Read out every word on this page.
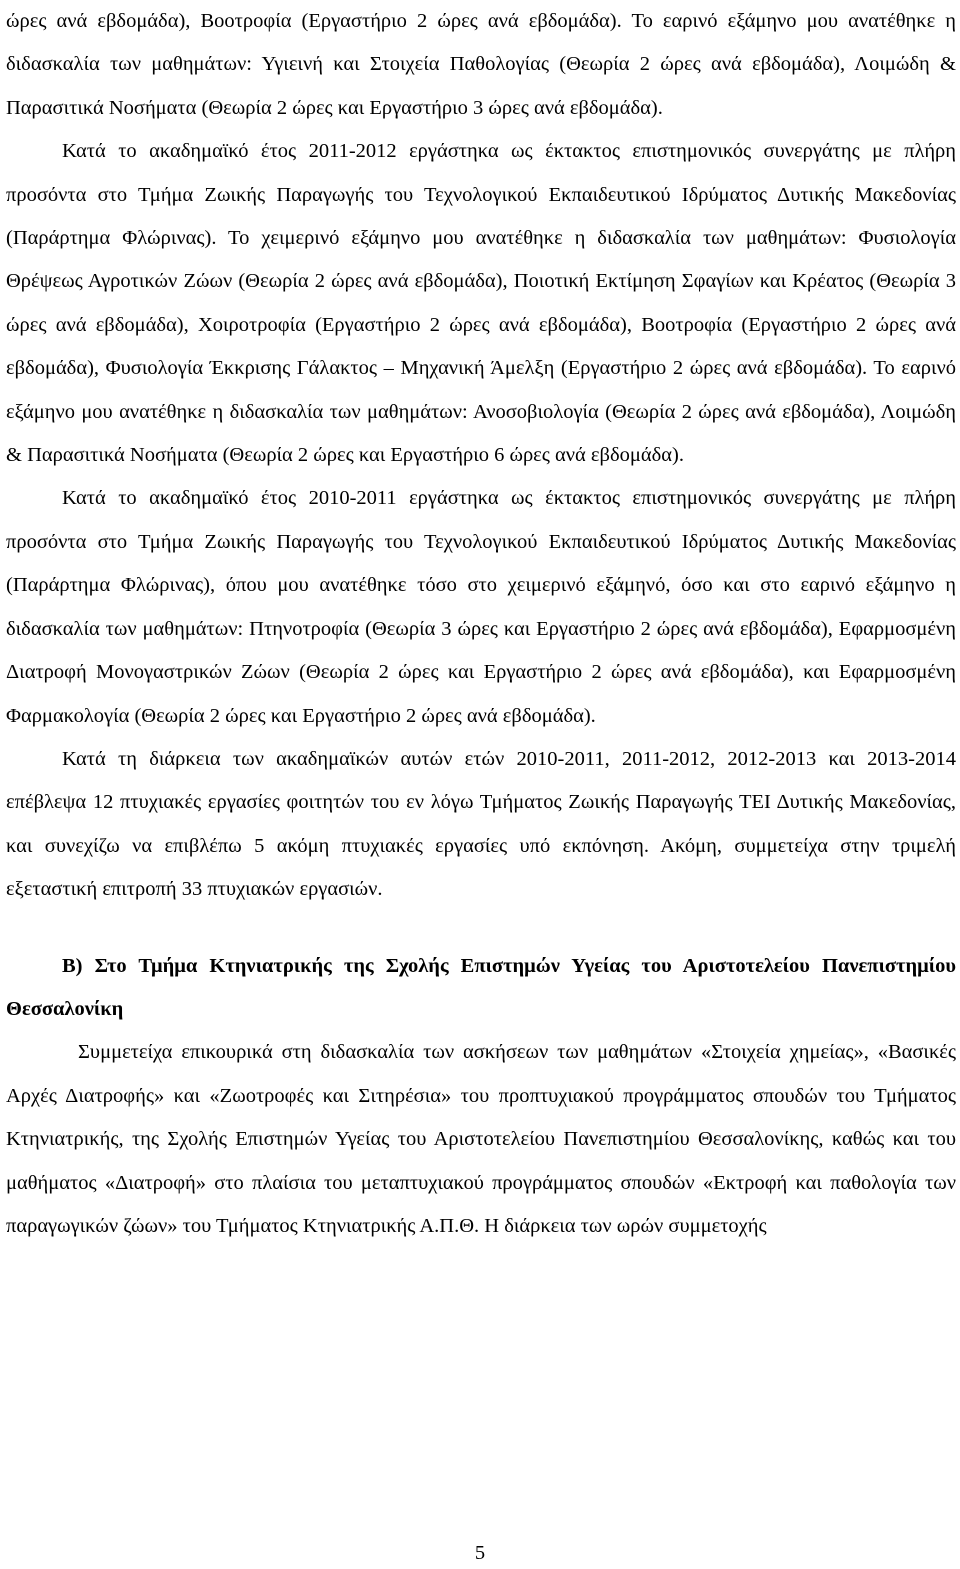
ώρες ανά εβδομάδα), Βοοτροφία (Εργαστήριο 2 ώρες ανά εβδομάδα). Το εαρινό εξάμηνο μου ανατέθηκε η διδασκαλία των μαθημάτων: Υγιεινή και Στοιχεία Παθολογίας (Θεωρία 2 ώρες ανά εβδομάδα), Λοιμώδη & Παρασιτικά Νοσήματα (Θεωρία 2 ώρες και Εργαστήριο 3 ώρες ανά εβδομάδα).

Κατά το ακαδημαϊκό έτος 2011-2012 εργάστηκα ως έκτακτος επιστημονικός συνεργάτης με πλήρη προσόντα στο Τμήμα Ζωικής Παραγωγής του Τεχνολογικού Εκπαιδευτικού Ιδρύματος Δυτικής Μακεδονίας (Παράρτημα Φλώρινας). Το χειμερινό εξάμηνο μου ανατέθηκε η διδασκαλία των μαθημάτων: Φυσιολογία Θρέψεως Αγροτικών Ζώων (Θεωρία 2 ώρες ανά εβδομάδα), Ποιοτική Εκτίμηση Σφαγίων και Κρέατος (Θεωρία 3 ώρες ανά εβδομάδα), Χοιροτροφία (Εργαστήριο 2 ώρες ανά εβδομάδα), Βοοτροφία (Εργαστήριο 2 ώρες ανά εβδομάδα), Φυσιολογία Έκκρισης Γάλακτος – Μηχανική Άμελξη (Εργαστήριο 2 ώρες ανά εβδομάδα). Το εαρινό εξάμηνο μου ανατέθηκε η διδασκαλία των μαθημάτων: Ανοσοβιολογία (Θεωρία 2 ώρες ανά εβδομάδα), Λοιμώδη & Παρασιτικά Νοσήματα (Θεωρία 2 ώρες και Εργαστήριο 6 ώρες ανά εβδομάδα).

Κατά το ακαδημαϊκό έτος 2010-2011 εργάστηκα ως έκτακτος επιστημονικός συνεργάτης με πλήρη προσόντα στο Τμήμα Ζωικής Παραγωγής του Τεχνολογικού Εκπαιδευτικού Ιδρύματος Δυτικής Μακεδονίας (Παράρτημα Φλώρινας), όπου μου ανατέθηκε τόσο στο χειμερινό εξάμηνό, όσο και στο εαρινό εξάμηνο η διδασκαλία των μαθημάτων: Πτηνοτροφία (Θεωρία 3 ώρες και Εργαστήριο 2 ώρες ανά εβδομάδα), Εφαρμοσμένη Διατροφή Μονογαστρικών Ζώων (Θεωρία 2 ώρες και Εργαστήριο 2 ώρες ανά εβδομάδα), και Εφαρμοσμένη Φαρμακολογία (Θεωρία 2 ώρες και Εργαστήριο 2 ώρες ανά εβδομάδα).

Κατά τη διάρκεια των ακαδημαϊκών αυτών ετών 2010-2011, 2011-2012, 2012-2013 και 2013-2014 επέβλεψα 12 πτυχιακές εργασίες φοιτητών του εν λόγω Τμήματος Ζωικής Παραγωγής ΤΕΙ Δυτικής Μακεδονίας, και συνεχίζω να επιβλέπω 5 ακόμη πτυχιακές εργασίες υπό εκπόνηση. Ακόμη, συμμετείχα στην τριμελή εξεταστική επιτροπή 33 πτυχιακών εργασιών.

Β) Στο Τμήμα Κτηνιατρικής της Σχολής Επιστημών Υγείας του Αριστοτελείου Πανεπιστημίου Θεσσαλονίκη

Συμμετείχα επικουρικά στη διδασκαλία των ασκήσεων των μαθημάτων «Στοιχεία χημείας», «Βασικές Αρχές Διατροφής» και «Ζωοτροφές και Σιτηρέσια» του προπτυχιακού προγράμματος σπουδών του Τμήματος Κτηνιατρικής, της Σχολής Επιστημών Υγείας του Αριστοτελείου Πανεπιστημίου Θεσσαλονίκης, καθώς και του μαθήματος «Διατροφή» στο πλαίσια του μεταπτυχιακού προγράμματος σπουδών «Εκτροφή και παθολογία των παραγωγικών ζώων» του Τμήματος Κτηνιατρικής Α.Π.Θ. Η διάρκεια των ωρών συμμετοχής

5
